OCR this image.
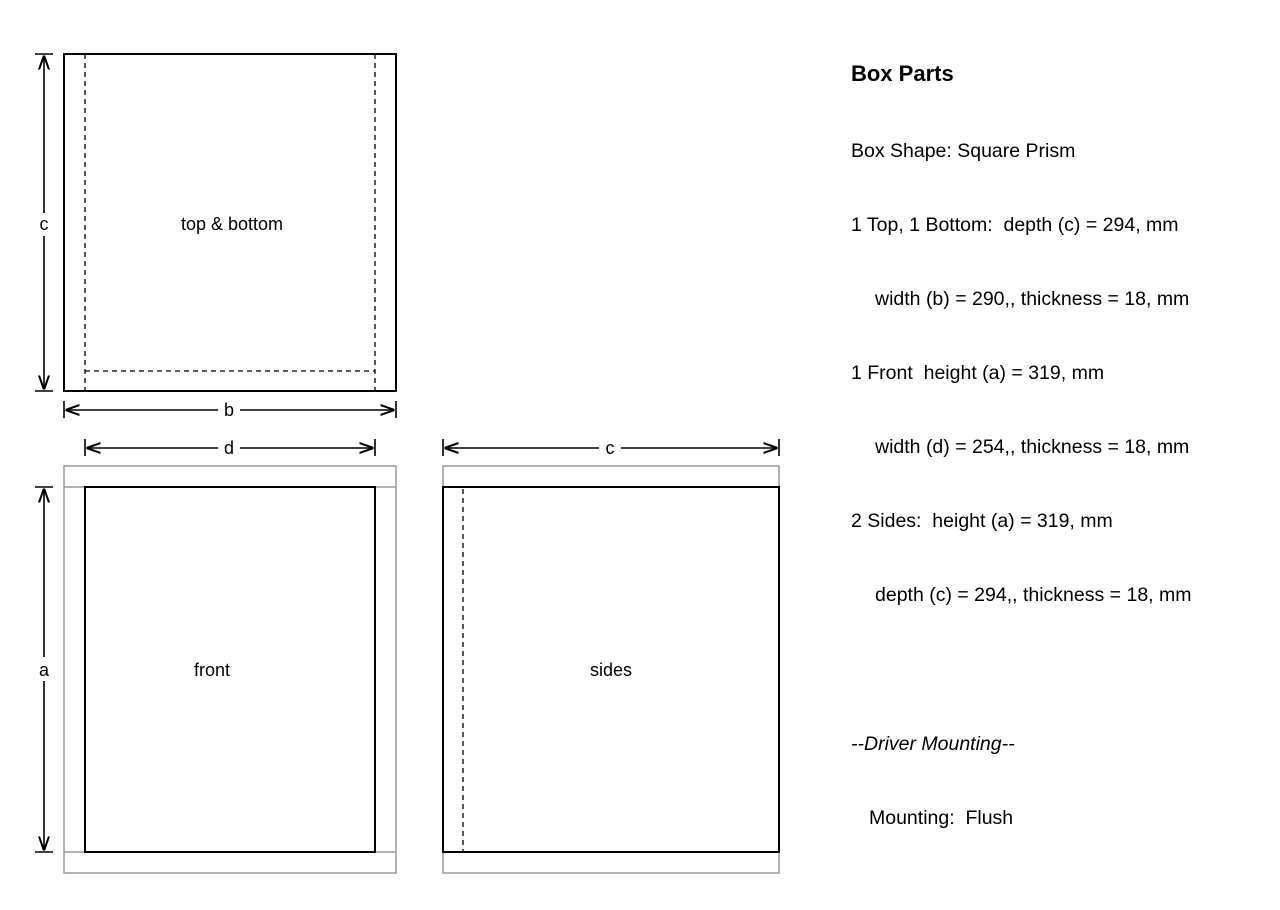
top & bottom
c
b
front
d
a	sides
c

Box Parts

Box Shape: Square Prism

1 Top, 1 Bottom:  depth (c) = 294, mm

width (b) = 290,, thickness = 18, mm

1 Front  height (a) = 319, mm

width (d) = 254,, thickness = 18, mm

2 Sides:  height (a) = 319, mm

depth (c) = 294,, thickness = 18, mm

--Driver Mounting--

Mounting:  Flush
